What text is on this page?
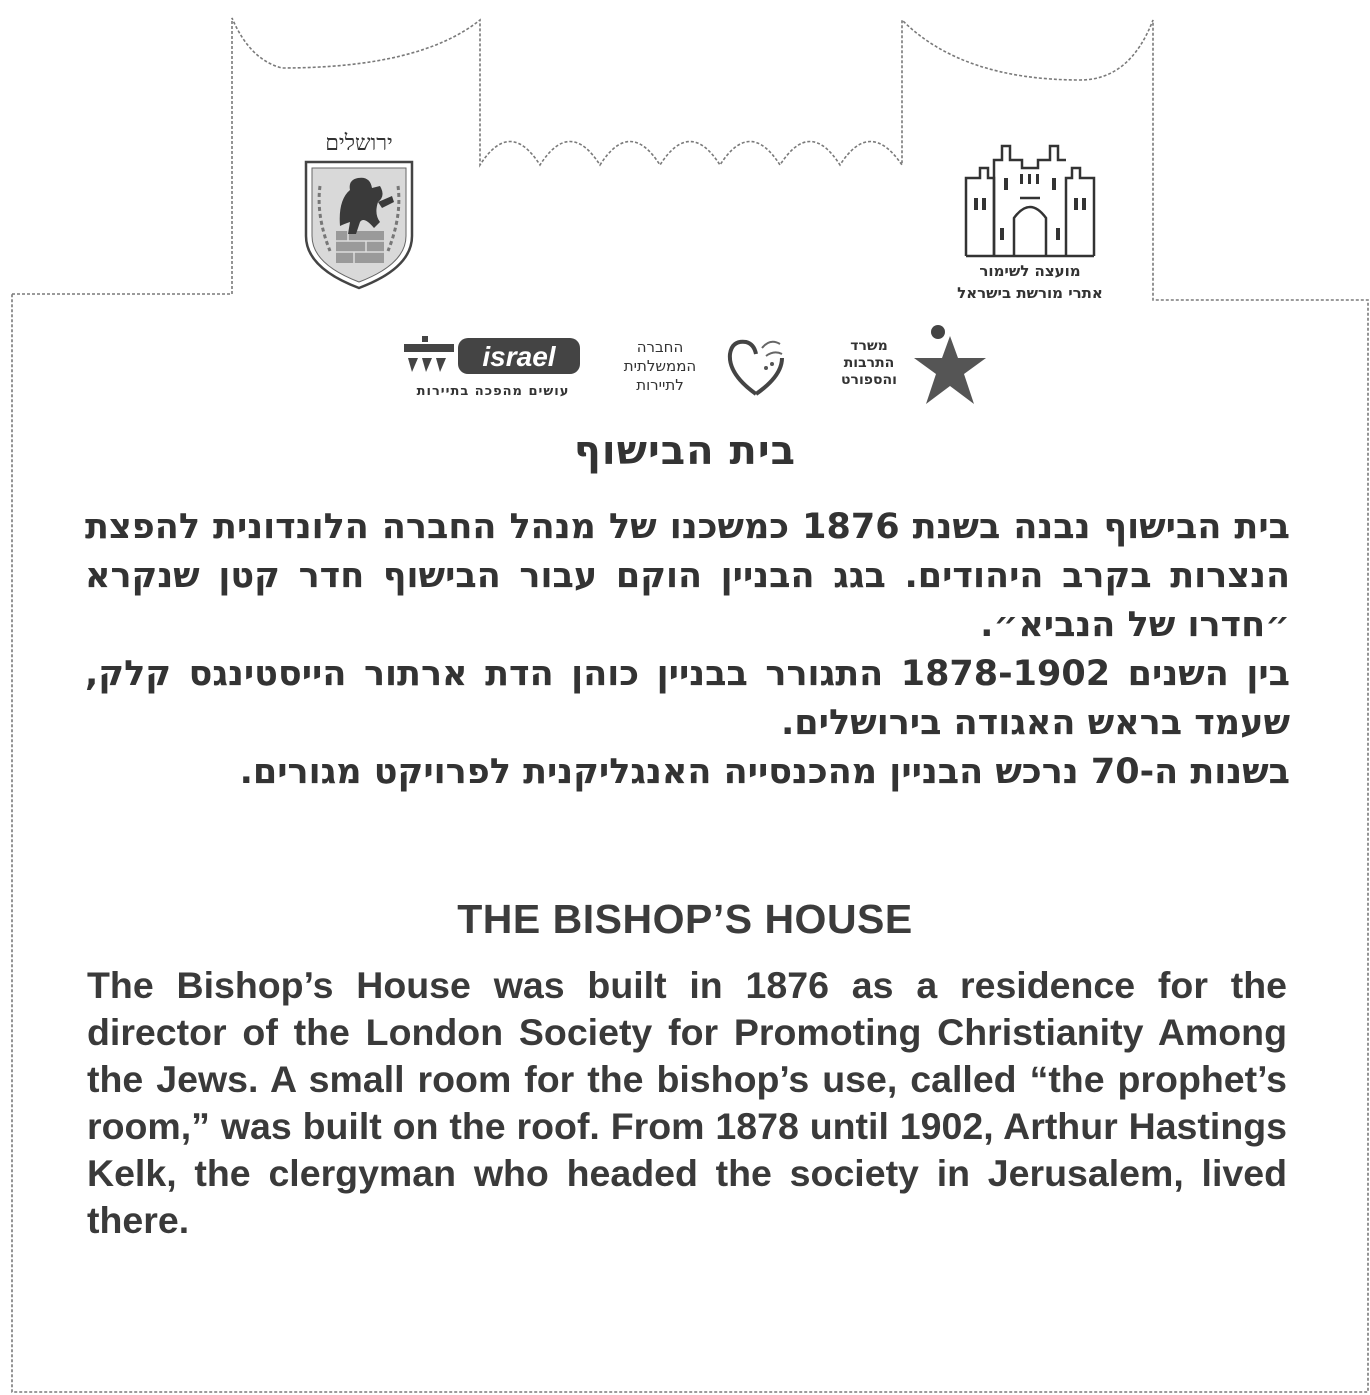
ירושלים
מועצה לשימור
אתרי מורשת בישראל
משרד
התרבות
והספורט
החברה
הממשלתית
לתיירות
israel
עושים מהפכה בתיירות
בית הבישוף

בית הבישוף נבנה בשנת 1876 כמשכנו של מנהל החברה הלונדונית להפצת הנצרות בקרב היהודים. בגג הבניין הוקם עבור הבישוף חדר קטן שנקרא ״חדרו של הנביא״.

בין השנים 1878-1902 התגורר בבניין כוהן הדת ארתור הייסטינגס קלק, שעמד בראש האגודה בירושלים.

בשנות ה-70 נרכש הבניין מהכנסייה האנגליקנית לפרויקט מגורים.

THE BISHOP’S HOUSE
The Bishop’s House was built in 1876 as a residence for the director of the London Society for Promoting Christianity Among the Jews. A small room for the bishop’s use, called “the prophet’s room,” was built on the roof. From 1878 until 1902, Arthur Hastings Kelk, the clergyman who headed the society in Jerusalem, lived there.
